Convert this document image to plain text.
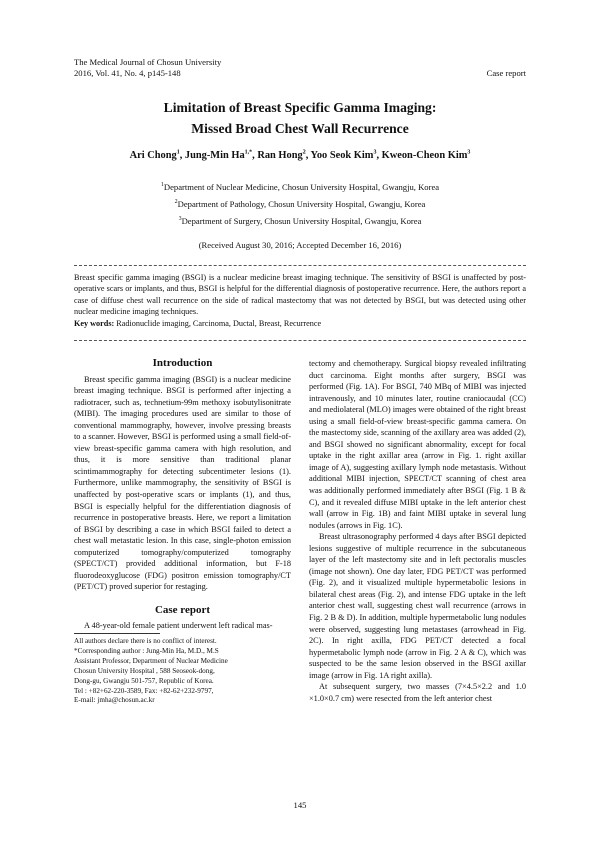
The Medical Journal of Chosun University
2016, Vol. 41, No. 4, p145-148	Case report
Limitation of Breast Specific Gamma Imaging:
Missed Broad Chest Wall Recurrence
Ari Chong$^1$, Jung-Min $Ha^{1,*}$, Ran Hong$^2$, Yoo Seok Kim$^3$, Kweon-Cheon Kim$^3$
$^1$Department of Nuclear Medicine, Chosun University Hospital, Gwangju, Korea
$^2$Department of Pathology, Chosun University Hospital, Gwangju, Korea
$^3$Department of Surgery, Chosun University Hospital, Gwangju, Korea
(Received August 30, 2016; Accepted December 16, 2016)
Breast specific gamma imaging (BSGI) is a nuclear medicine breast imaging technique. The sensitivity of BSGI is unaffected by post-operative scars or implants, and thus, BSGI is helpful for the differential diagnosis of postoperative recurrence. Here, the authors report a case of diffuse chest wall recurrence on the side of radical mastectomy that was not detected by BSGI, but was detected using other nuclear medicine imaging techniques.
Key words: Radionuclide imaging, Carcinoma, Ductal, Breast, Recurrence
Introduction

Breast specific gamma imaging (BSGI) is a nuclear medicine breast imaging technique. BSGI is performed after injecting a radiotracer, such as, technetium-99m methoxy isobutylisonitrate (MIBI). The imaging procedures used are similar to those of conventional mammography, however, involve pressing breasts to a scanner. However, BSGI is performed using a small field-of-view breast-specific gamma camera with high resolution, and thus, it is more sensitive than traditional planar scintimammography for detecting subcentimeter lesions (1). Furthermore, unlike mammography, the sensitivity of BSGI is unaffected by post-operative scars or implants (1), and thus, BSGI is especially helpful for the differentiation diagnosis of recurrence in postoperative breasts. Here, we report a limitation of BSGI by describing a case in which BSGI failed to detect a chest wall metastatic lesion. In this case, single-photon emission computerized tomography/computerized tomography (SPECT/CT) provided additional information, but F-18 fluorodeoxyglucose (FDG) positron emission tomography/CT (PET/CT) proved superior for restaging.

Case report

A 48-year-old female patient underwent left radical mas-

All authors declare there is no conflict of interest.
*Corresponding author : Jung-Min Ha, M.D., M.S
Assistant Professor, Department of Nuclear Medicine
Chosun University Hospital , 588 Seoseok-dong,
Dong-gu, Gwangju 501-757, Republic of Korea.
Tel : +82+62-220-3589, Fax: +82-62+232-9797,
E-mail: jmha@chosun.ac.kr

tectomy and chemotherapy. Surgical biopsy revealed infiltrating duct carcinoma. Eight months after surgery, BSGI was performed (Fig. 1A). For BSGI, 740 MBq of MIBI was injected intravenously, and 10 minutes later, routine craniocaudal (CC) and mediolateral (MLO) images were obtained of the right breast using a small field-of-view breast-specific gamma camera. On the mastectomy side, scanning of the axillary area was added (2), and BSGI showed no significant abnormality, except for focal uptake in the right axillar area (arrow in Fig. 1. right axillar image of A), suggesting axillary lymph node metastasis. Without additional MIBI injection, SPECT/CT scanning of chest area was additionally performed immediately after BSGI (Fig. 1 B & C), and it revealed diffuse MIBI uptake in the left anterior chest wall (arrow in Fig. 1B) and faint MIBI uptake in several lung nodules (arrows in Fig. 1C).

Breast ultrasonography performed 4 days after BSGI depicted lesions suggestive of multiple recurrence in the subcutaneous layer of the left mastectomy site and in left pectoralis muscles (image not shown). One day later, FDG PET/CT was performed (Fig. 2), and it visualized multiple hypermetabolic lesions in bilateral chest areas (Fig. 2), and intense FDG uptake in the left anterior chest wall, suggesting chest wall recurrence (arrows in Fig. 2 B & D). In addition, multiple hypermetabolic lung nodules were observed, suggesting lung metastases (arrowhead in Fig. 2C). In right axilla, FDG PET/CT detected a focal hypermetabolic lymph node (arrow in Fig. 2 A & C), which was suspected to be the same lesion observed in the BSGI axillar image (arrow in Fig. 1A right axilla).

At subsequent surgery, two masses (7×4.5×2.2 and 1.0 ×1.0×0.7 cm) were resected from the left anterior chest

145
